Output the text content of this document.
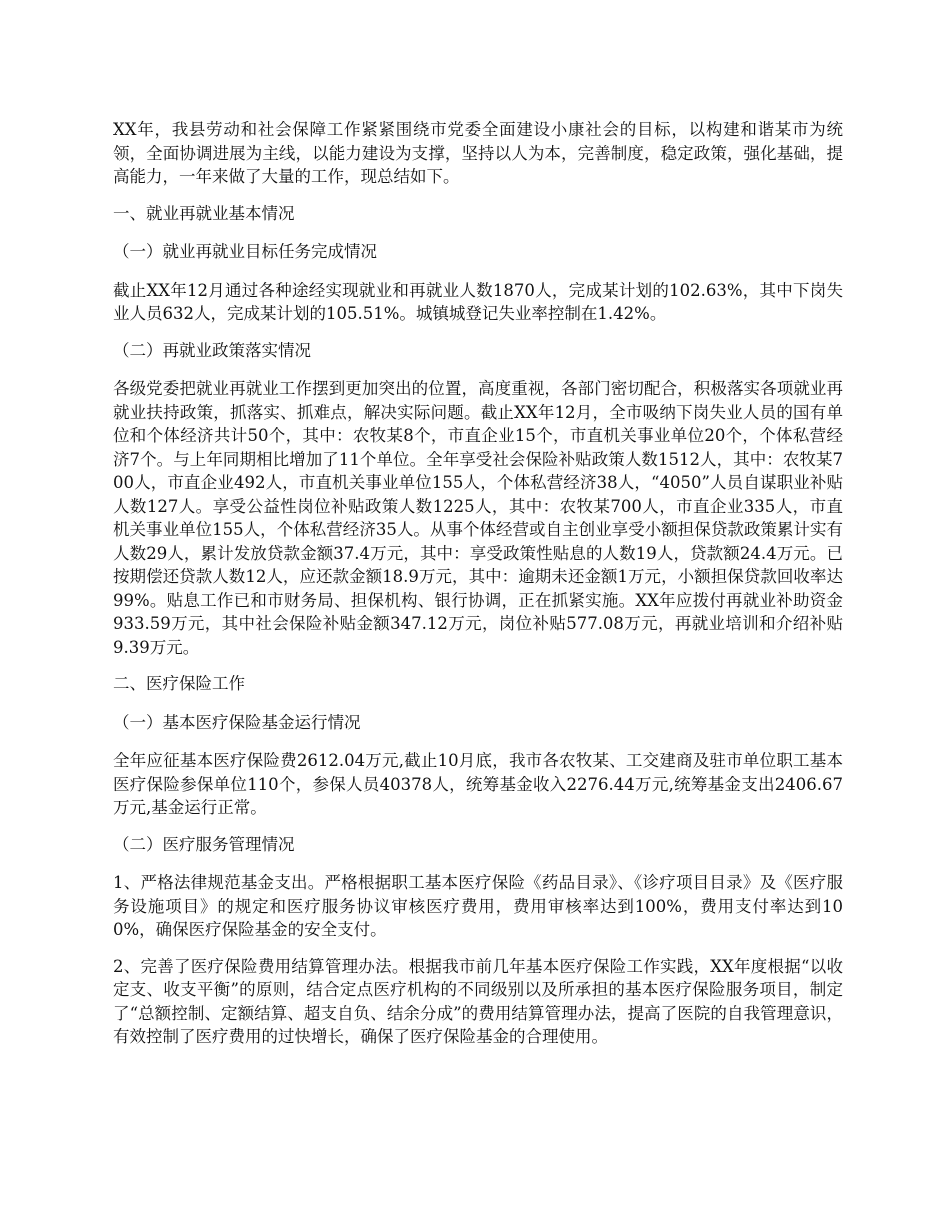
XX年，我县劳动和社会保障工作紧紧围绕市党委全面建设小康社会的目标，以构建和谐某市为统领，全面协调进展为主线，以能力建设为支撑，坚持以人为本，完善制度，稳定政策，强化基础，提高能力，一年来做了大量的工作，现总结如下。

一、就业再就业基本情况

（一）就业再就业目标任务完成情况

截止XX年12月通过各种途经实现就业和再就业人数1870人，完成某计划的102.63%，其中下岗失业人员632人，完成某计划的105.51%。城镇城登记失业率控制在1.42%。

（二）再就业政策落实情况

各级党委把就业再就业工作摆到更加突出的位置，高度重视，各部门密切配合，积极落实各项就业再就业扶持政策，抓落实、抓难点，解决实际问题。截止XX年12月，全市吸纳下岗失业人员的国有单位和个体经济共计50个，其中：农牧某8个，市直企业15个，市直机关事业单位20个，个体私营经济7个。与上年同期相比增加了11个单位。全年享受社会保险补贴政策人数1512人，其中：农牧某700人，市直企业492人，市直机关事业单位155人，个体私营经济38人，“4050”人员自谋职业补贴人数127人。享受公益性岗位补贴政策人数1225人，其中：农牧某700人，市直企业335人，市直机关事业单位155人，个体私营经济35人。从事个体经营或自主创业享受小额担保贷款政策累计实有人数29人，累计发放贷款金额37.4万元，其中：享受政策性贴息的人数19人，贷款额24.4万元。已按期偿还贷款人数12人，应还款金额18.9万元，其中：逾期未还金额1万元，小额担保贷款回收率达99%。贴息工作已和市财务局、担保机构、银行协调，正在抓紧实施。XX年应拨付再就业补助资金933.59万元，其中社会保险补贴金额347.12万元，岗位补贴577.08万元，再就业培训和介绍补贴9.39万元。

二、医疗保险工作

（一）基本医疗保险基金运行情况

全年应征基本医疗保险费2612.04万元,截止10月底，我市各农牧某、工交建商及驻市单位职工基本医疗保险参保单位110个，参保人员40378人，统筹基金收入2276.44万元,统筹基金支出2406.67万元,基金运行正常。

（二）医疗服务管理情况

1、严格法律规范基金支出。严格根据职工基本医疗保险《药品目录》、《诊疗项目目录》及《医疗服务设施项目》的规定和医疗服务协议审核医疗费用，费用审核率达到100%，费用支付率达到100%，确保医疗保险基金的安全支付。

2、完善了医疗保险费用结算管理办法。根据我市前几年基本医疗保险工作实践，XX年度根据“以收定支、收支平衡”的原则，结合定点医疗机构的不同级别以及所承担的基本医疗保险服务项目，制定了“总额控制、定额结算、超支自负、结余分成”的费用结算管理办法，提高了医院的自我管理意识，有效控制了医疗费用的过快增长，确保了医疗保险基金的合理使用。
